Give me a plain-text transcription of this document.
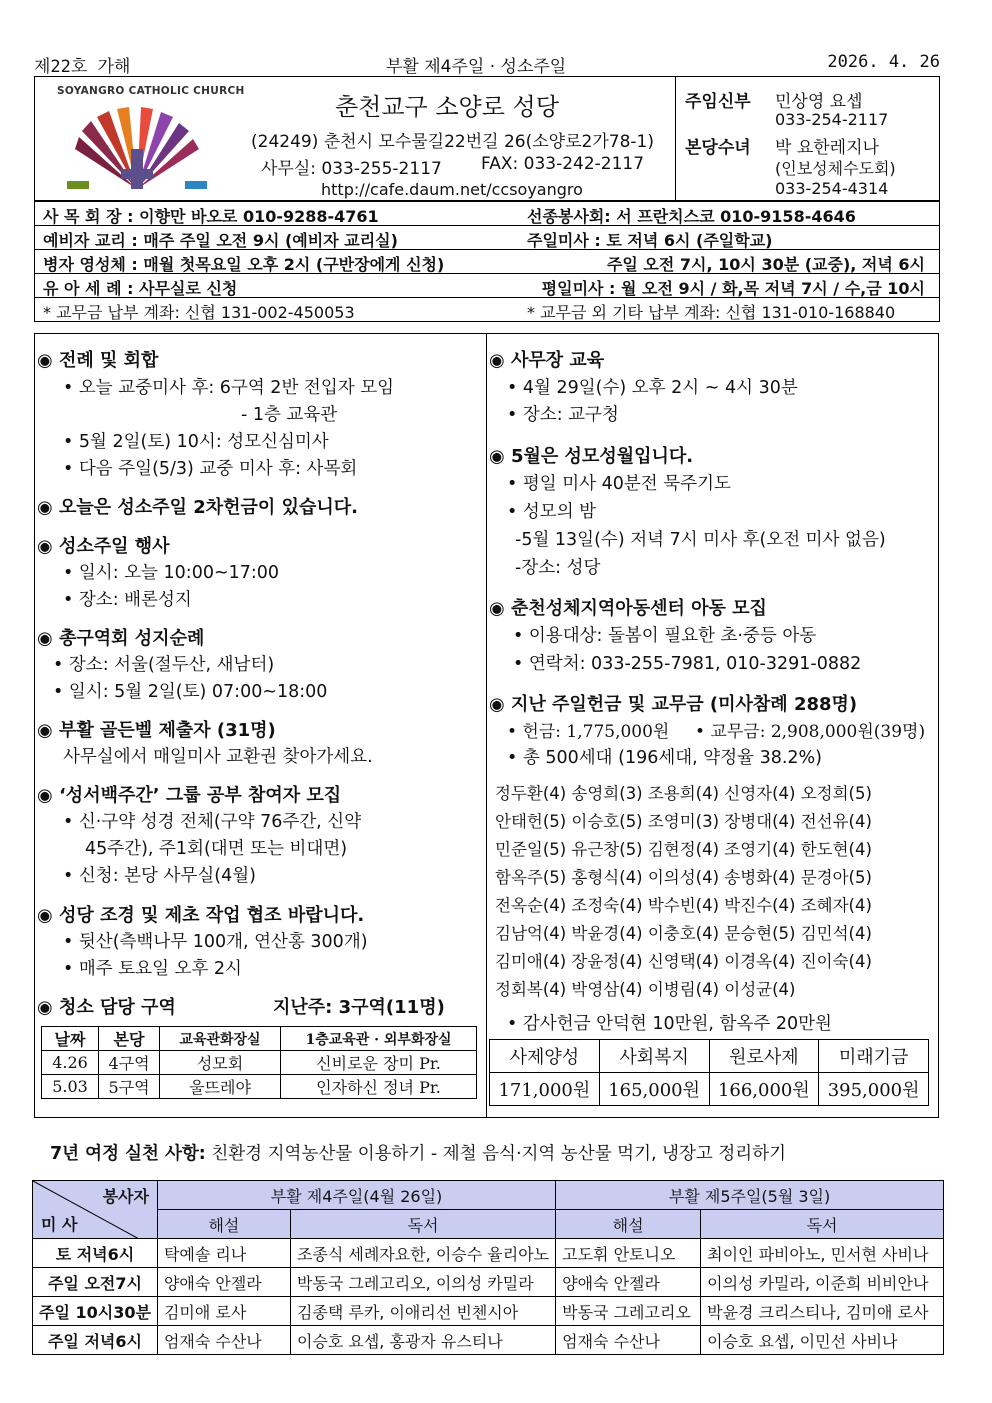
제22호 가해	부활 제4주일 · 성소주일	2026. 4. 26
SOYANGRO CATHOLIC CHURCH
춘천교구 소양로 성당
(24249) 춘천시 모수물길22번길 26(소양로2가78-1)
사무실: 033-255-2117 FAX: 033-242-2117
http://cafe.daum.net/ccsoyangro
주임신부 민상영 요셉
033-254-2117
본당수녀 박 요한레지나
(인보성체수도회)
033-254-4314
사 목 회 장 : 이향만 바오로 010-9288-4761	선종봉사회: 서 프란치스코 010-9158-4646
예비자 교리 : 매주 주일 오전 9시 (예비자 교리실)	주일미사 : 토 저녁 6시 (주일학교)
병자 영성체 : 매월 첫목요일 오후 2시 (구반장에게 신청)	주일 오전 7시, 10시 30분 (교중), 저녁 6시
유 아 세 례 : 사무실로 신청	평일미사 : 월 오전 9시 / 화,목 저녁 7시 / 수,금 10시
* 교무금 납부 계좌: 신협 131-002-450053	* 교무금 외 기타 납부 계좌: 신협 131-010-168840
◉ 전례 및 회합
• 오늘 교중미사 후: 6구역 2반 전입자 모임
- 1층 교육관
• 5월 2일(토) 10시: 성모신심미사
• 다음 주일(5/3) 교중 미사 후: 사목회
◉ 오늘은 성소주일 2차헌금이 있습니다.
◉ 성소주일 행사
• 일시: 오늘 10:00~17:00
• 장소: 배론성지
◉ 총구역회 성지순례
• 장소: 서울(절두산, 새남터)
• 일시: 5월 2일(토) 07:00~18:00
◉ 부활 골든벨 제출자 (31명)
사무실에서 매일미사 교환권 찾아가세요.
◉ ‘성서백주간’ 그룹 공부 참여자 모집
• 신·구약 성경 전체(구약 76주간, 신약
45주간), 주1회(대면 또는 비대면)
• 신청: 본당 사무실(4월)
◉ 성당 조경 및 제초 작업 협조 바랍니다.
• 뒷산(측백나무 100개, 연산홍 300개)
• 매주 토요일 오후 2시
◉ 청소 담당 구역	지난주: 3구역(11명)
날짜	본당	교육관화장실	1층교육관 · 외부화장실
4.26	4구역	성모회	신비로운 장미 Pr.
5.03	5구역	울뜨레야	인자하신 정녀 Pr.
◉ 사무장 교육
• 4월 29일(수) 오후 2시 ~ 4시 30분
• 장소: 교구청
◉ 5월은 성모성월입니다.
• 평일 미사 40분전 묵주기도
• 성모의 밤
-5월 13일(수) 저녁 7시 미사 후(오전 미사 없음)
-장소: 성당
◉ 춘천성체지역아동센터 아동 모집
• 이용대상: 돌봄이 필요한 초·중등 아동
• 연락처: 033-255-7981, 010-3291-0882
◉ 지난 주일헌금 및 교무금 (미사참례 288명)
• 헌금: 1,775,000원 • 교무금: 2,908,000원(39명)
• 총 500세대 (196세대, 약정율 38.2%)
정두환(4) 송영희(3) 조용희(4) 신영자(4) 오정희(5)
안태헌(5) 이승호(5) 조영미(3) 장병대(4) 전선유(4)
민준일(5) 유근창(5) 김현정(4) 조영기(4) 한도현(4)
함옥주(5) 홍형식(4) 이의성(4) 송병화(4) 문경아(5)
전옥순(4) 조정숙(4) 박수빈(4) 박진수(4) 조혜자(4)
김남억(4) 박윤경(4) 이충호(4) 문승현(5) 김민석(4)
김미애(4) 장윤정(4) 신영택(4) 이경옥(4) 진이숙(4)
정회복(4) 박영삼(4) 이병림(4) 이성균(4)
• 감사헌금 안덕현 10만원, 함옥주 20만원
사제양성	사회복지	원로사제	미래기금
171,000원	165,000원	166,000원	395,000원
7년 여정 실천 사항: 친환경 지역농산물 이용하기 - 제철 음식·지역 농산물 먹기, 냉장고 정리하기
봉사자
미 사	부활 제4주일(4월 26일)		부활 제5주일(5월 3일)	
	해설	독서	해설	독서
토 저녁6시	탁예솔 리나	조종식 세례자요한, 이승수 율리아노	고도휘 안토니오	최이인 파비아노, 민서현 사비나
주일 오전7시	양애숙 안젤라	박동국 그레고리오, 이의성 카밀라	양애숙 안젤라	이의성 카밀라, 이준희 비비안나
주일 10시30분	김미애 로사	김종택 루카, 이애리선 빈첸시아	박동국 그레고리오	박윤경 크리스티나, 김미애 로사
주일 저녁6시	엄재숙 수산나	이승호 요셉, 홍광자 유스티나	엄재숙 수산나	이승호 요셉, 이민선 사비나
